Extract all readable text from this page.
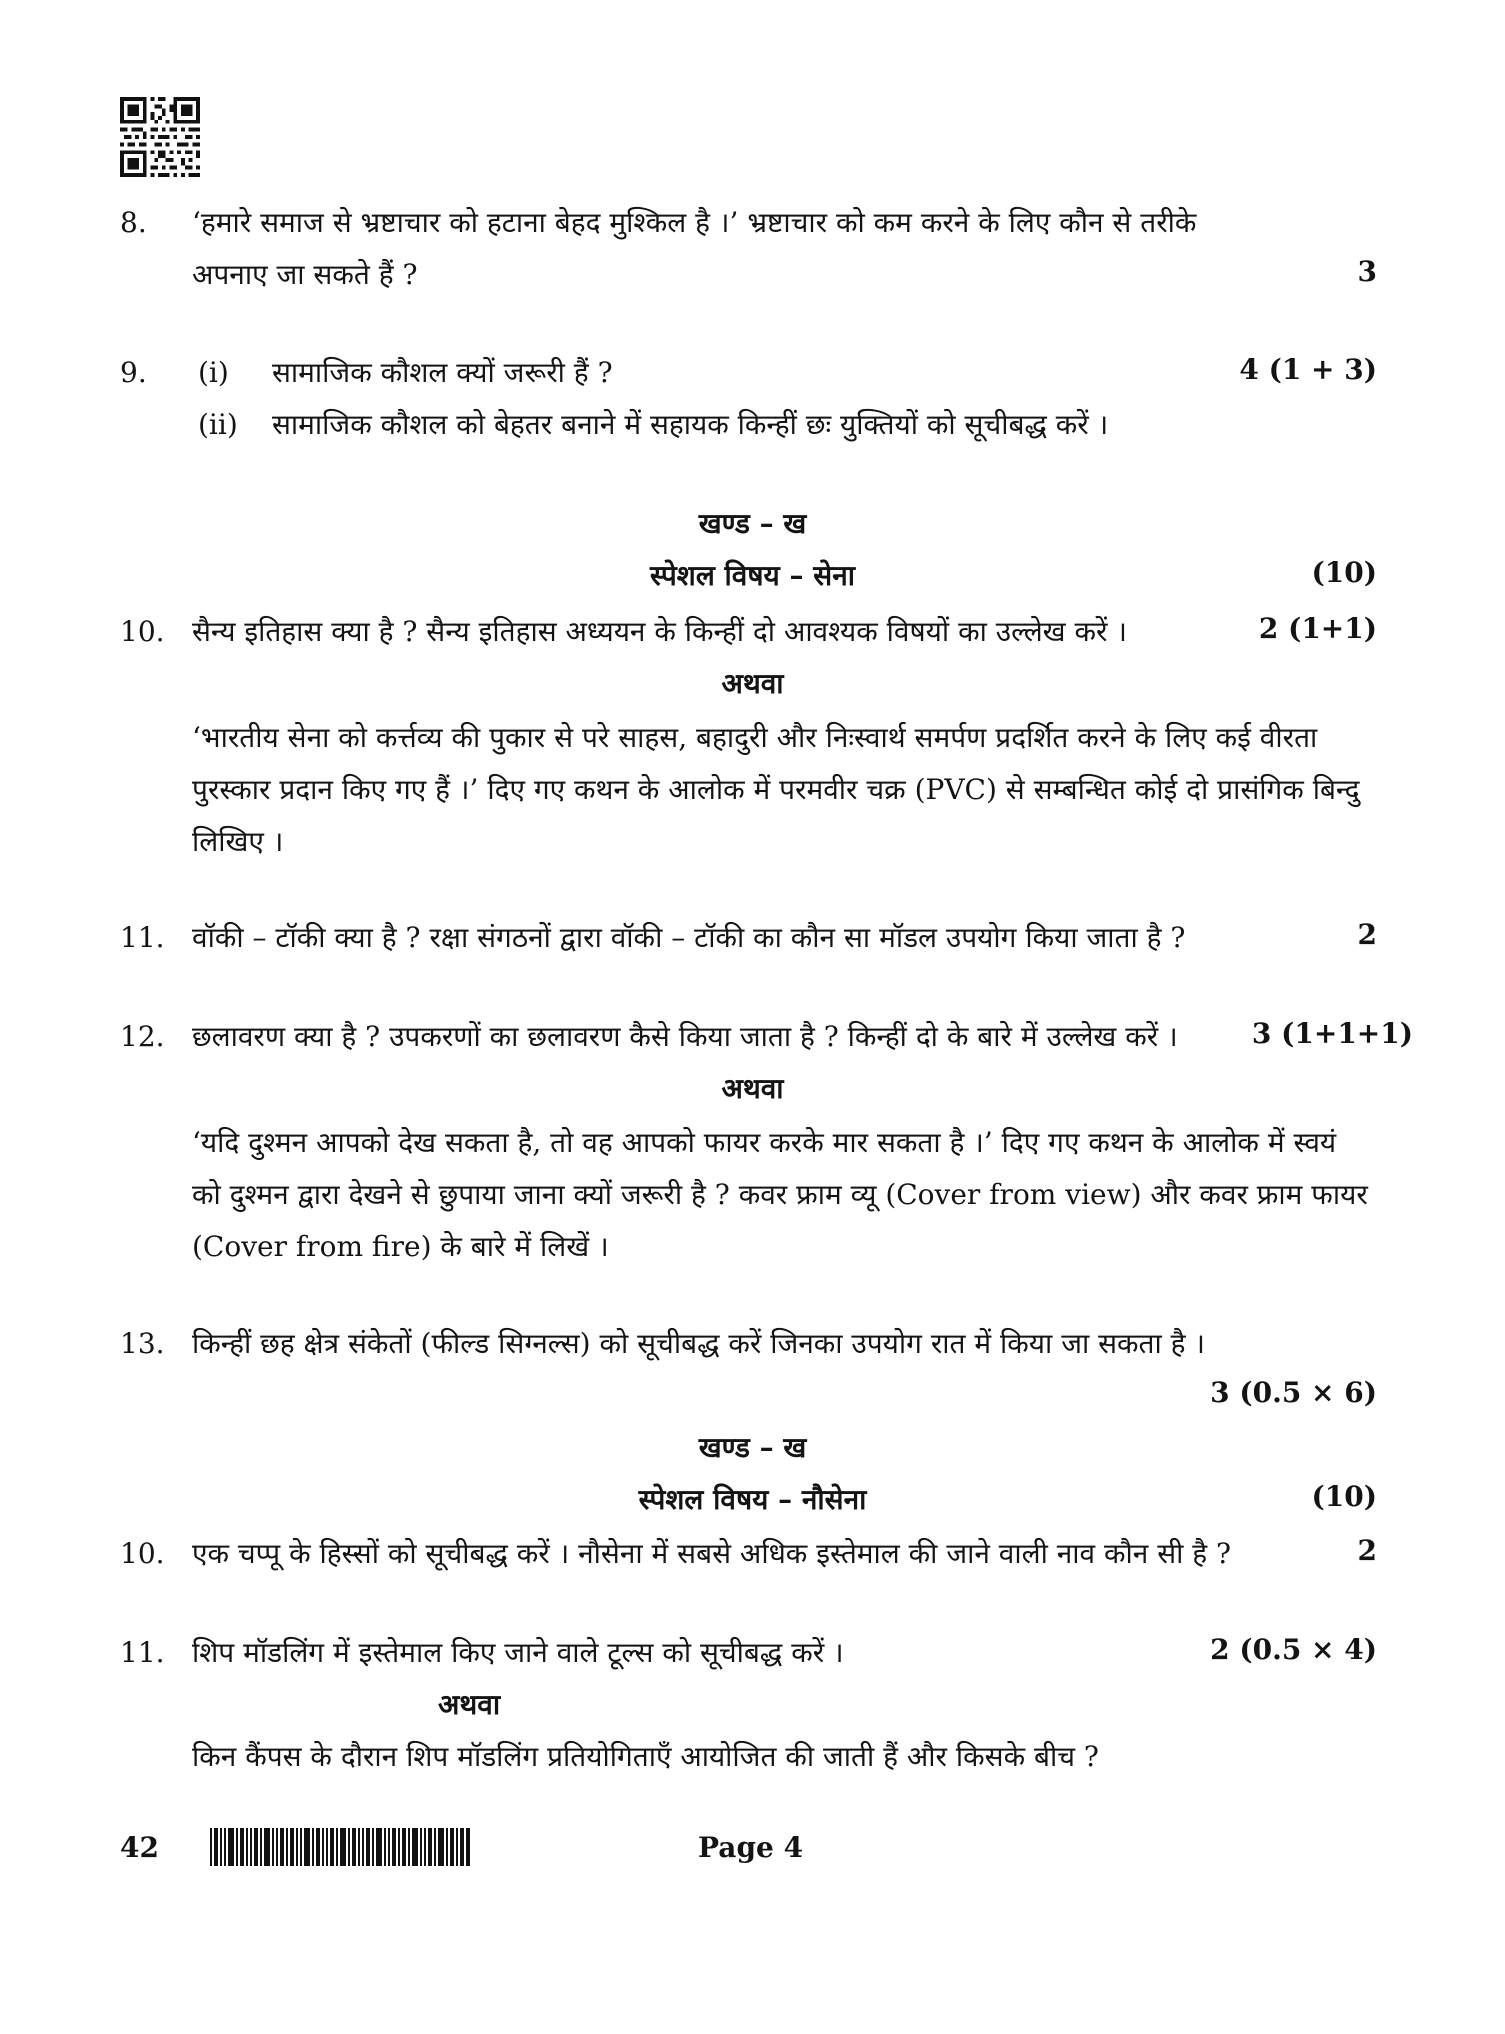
8. ‘हमारे समाज से भ्रष्टाचार को हटाना बेहद मुश्किल है ।’ भ्रष्टाचार को कम करने के लिए कौन से तरीके
अपनाए जा सकते हैं ?	3
9. (i) सामाजिक कौशल क्यों जरूरी हैं ?	4 (1 + 3)
(ii) सामाजिक कौशल को बेहतर बनाने में सहायक किन्हीं छः युक्तियों को सूचीबद्ध करें ।
खण्ड – ख
स्पेशल विषय – सेना	(10)
10. सैन्य इतिहास क्या है ? सैन्य इतिहास अध्ययन के किन्हीं दो आवश्यक विषयों का उल्लेख करें ।	2 (1+1)
अथवा
‘भारतीय सेना को कर्त्तव्य की पुकार से परे साहस, बहादुरी और निःस्वार्थ समर्पण प्रदर्शित करने के लिए कई वीरता पुरस्कार प्रदान किए गए हैं ।’ दिए गए कथन के आलोक में परमवीर चक्र (PVC) से सम्बन्धित कोई दो प्रासंगिक बिन्दु लिखिए ।
11. वॉकी – टॉकी क्या है ? रक्षा संगठनों द्वारा वॉकी – टॉकी का कौन सा मॉडल उपयोग किया जाता है ?	2
12. छलावरण क्या है ? उपकरणों का छलावरण कैसे किया जाता है ? किन्हीं दो के बारे में उल्लेख करें ।	3 (1+1+1)
अथवा
‘यदि दुश्मन आपको देख सकता है, तो वह आपको फायर करके मार सकता है ।’ दिए गए कथन के आलोक में स्वयं को दुश्मन द्वारा देखने से छुपाया जाना क्यों जरूरी है ? कवर फ्राम व्यू (Cover from view) और कवर फ्राम फायर (Cover from fire) के बारे में लिखें ।
13. किन्हीं छह क्षेत्र संकेतों (फील्ड सिग्नल्स) को सूचीबद्ध करें जिनका उपयोग रात में किया जा सकता है ।
3 (0.5 × 6)
खण्ड – ख
स्पेशल विषय – नौसेना	(10)
10. एक चप्पू के हिस्सों को सूचीबद्ध करें । नौसेना में सबसे अधिक इस्तेमाल की जाने वाली नाव कौन सी है ?	2
11. शिप मॉडलिंग में इस्तेमाल किए जाने वाले टूल्स को सूचीबद्ध करें ।	2 (0.5 × 4)
अथवा
किन कैंपस के दौरान शिप मॉडलिंग प्रतियोगिताएँ आयोजित की जाती हैं और किसके बीच ?
42	Page 4
